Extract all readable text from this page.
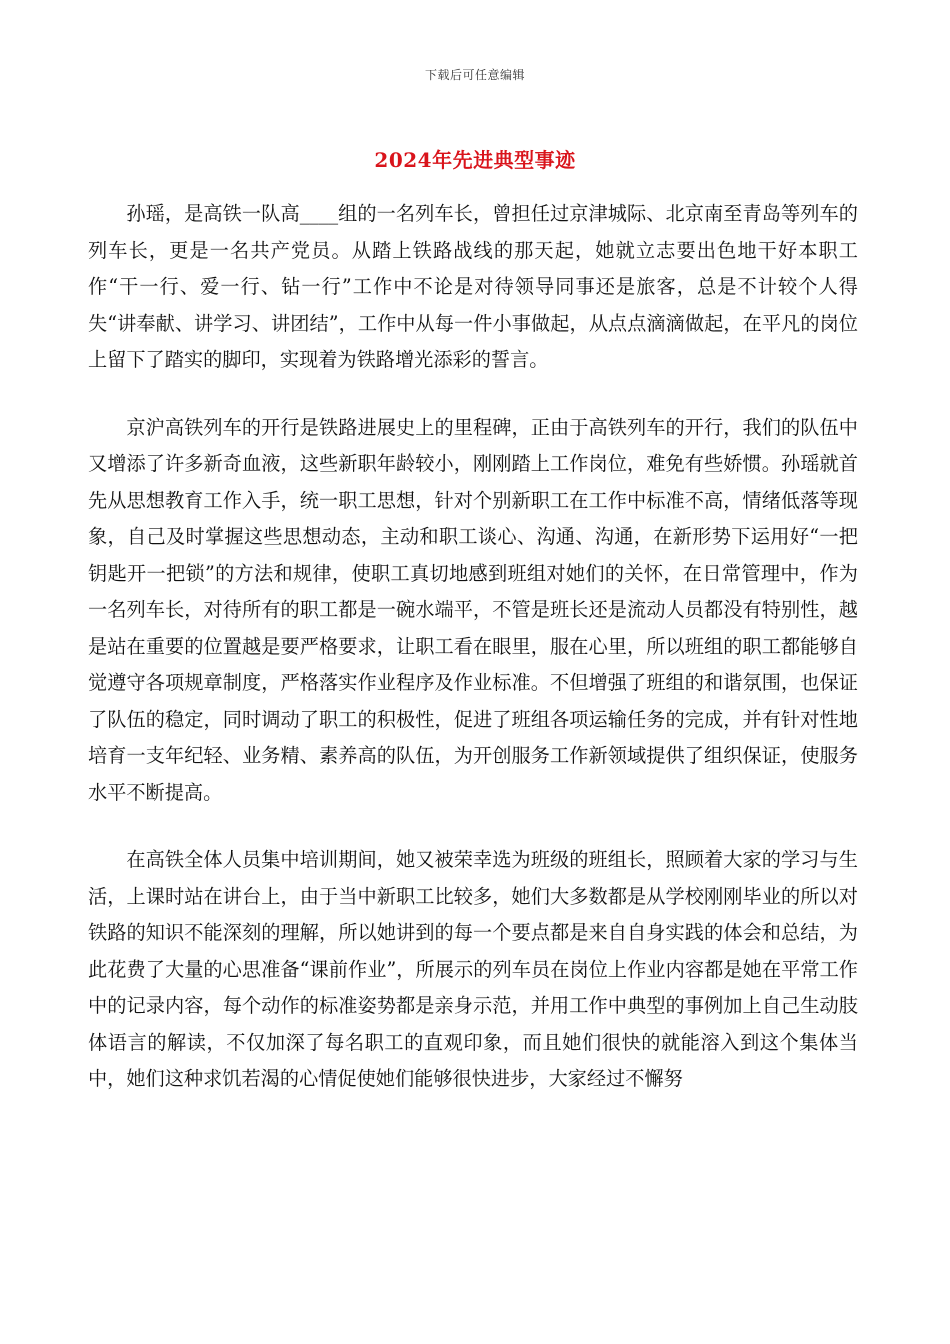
下载后可任意编辑
2024年先进典型事迹

孙瑶，是高铁一队高____组的一名列车长，曾担任过京津城际、北京南至青岛等列车的列车长，更是一名共产党员。从踏上铁路战线的那天起，她就立志要出色地干好本职工作“干一行、爱一行、钻一行”工作中不论是对待领导同事还是旅客，总是不计较个人得失“讲奉献、讲学习、讲团结”，工作中从每一件小事做起，从点点滴滴做起，在平凡的岗位上留下了踏实的脚印，实现着为铁路增光添彩的誓言。

京沪高铁列车的开行是铁路进展史上的里程碑，正由于高铁列车的开行，我们的队伍中又增添了许多新奇血液，这些新职年龄较小，刚刚踏上工作岗位，难免有些娇惯。孙瑶就首先从思想教育工作入手，统一职工思想，针对个别新职工在工作中标准不高，情绪低落等现象，自己及时掌握这些思想动态，主动和职工谈心、沟通、沟通，在新形势下运用好“一把钥匙开一把锁”的方法和规律，使职工真切地感到班组对她们的关怀，在日常管理中，作为一名列车长，对待所有的职工都是一碗水端平，不管是班长还是流动人员都没有特别性，越是站在重要的位置越是要严格要求，让职工看在眼里，服在心里，所以班组的职工都能够自觉遵守各项规章制度，严格落实作业程序及作业标准。不但增强了班组的和谐氛围，也保证了队伍的稳定，同时调动了职工的积极性，促进了班组各项运输任务的完成，并有针对性地培育一支年纪轻、业务精、素养高的队伍，为开创服务工作新领域提供了组织保证，使服务水平不断提高。

在高铁全体人员集中培训期间，她又被荣幸选为班级的班组长，照顾着大家的学习与生活，上课时站在讲台上，由于当中新职工比较多，她们大多数都是从学校刚刚毕业的所以对铁路的知识不能深刻的理解，所以她讲到的每一个要点都是来自自身实践的体会和总结，为此花费了大量的心思准备“课前作业”，所展示的列车员在岗位上作业内容都是她在平常工作中的记录内容，每个动作的标准姿势都是亲身示范，并用工作中典型的事例加上自己生动肢体语言的解读，不仅加深了每名职工的直观印象，而且她们很快的就能溶入到这个集体当中，她们这种求饥若渴的心情促使她们能够很快进步，大家经过不懈努
